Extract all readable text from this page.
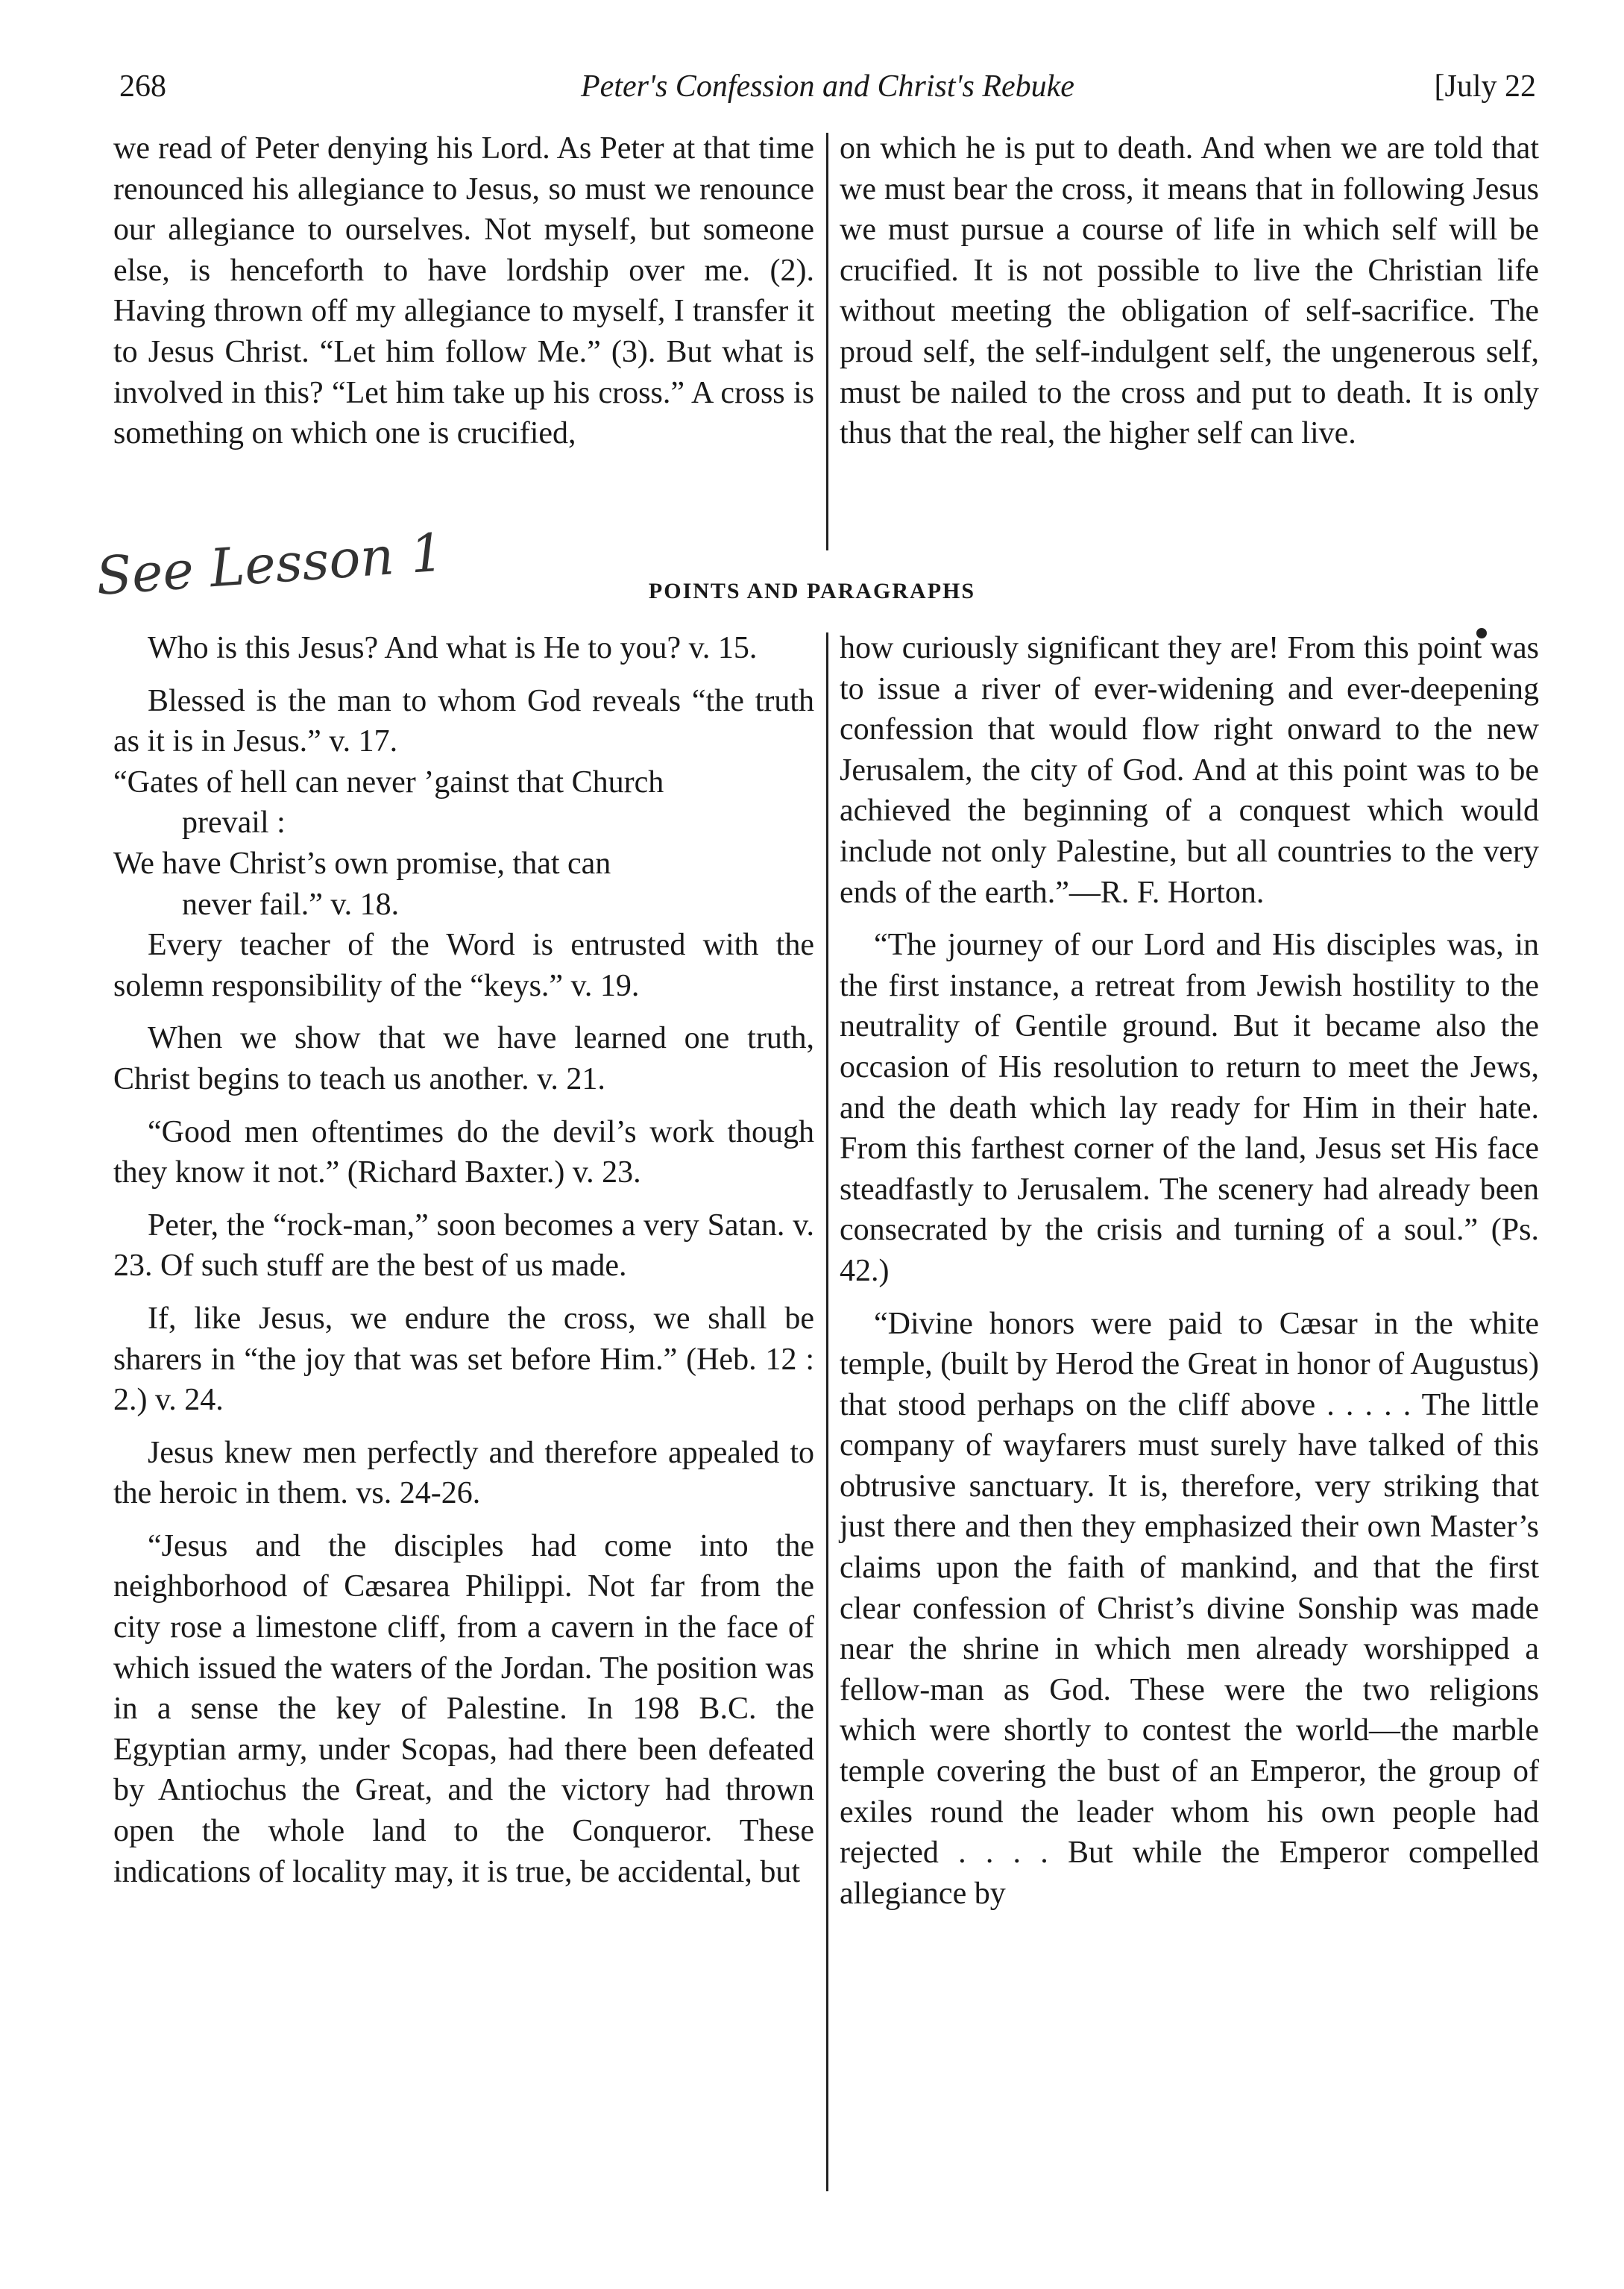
268	Peter's Confession and Christ's Rebuke	[July 22

we read of Peter denying his Lord. As Peter at that time renounced his allegiance to Jesus, so must we renounce our allegiance to ourselves. Not myself, but someone else, is henceforth to have lordship over me. (2). Having thrown off my allegiance to myself, I transfer it to Jesus Christ. “Let him follow Me.” (3). But what is involved in this? “Let him take up his cross.” A cross is something on which one is crucified,

on which he is put to death. And when we are told that we must bear the cross, it means that in following Jesus we must pursue a course of life in which self will be crucified. It is not possible to live the Christian life without meeting the obligation of self-sacrifice. The proud self, the self-indulgent self, the ungenerous self, must be nailed to the cross and put to death. It is only thus that the real, the higher self can live.

See Lesson 1	POINTS AND PARAGRAPHS

Who is this Jesus? And what is He to you? v. 15.

Blessed is the man to whom God reveals “the truth as it is in Jesus.” v. 17.

“Gates of hell can never ’gainst that Church

prevail :

We have Christ’s own promise, that can

never fail.” v. 18.

Every teacher of the Word is entrusted with the solemn responsibility of the “keys.” v. 19.

When we show that we have learned one truth, Christ begins to teach us another. v. 21.

“Good men oftentimes do the devil’s work though they know it not.” (Richard Baxter.) v. 23.

Peter, the “rock-man,” soon becomes a very Satan. v. 23. Of such stuff are the best of us made.

If, like Jesus, we endure the cross, we shall be sharers in “the joy that was set before Him.” (Heb. 12 : 2.) v. 24.

Jesus knew men perfectly and therefore appealed to the heroic in them. vs. 24-26.

“Jesus and the disciples had come into the neighborhood of Cæsarea Philippi. Not far from the city rose a limestone cliff, from a cavern in the face of which issued the waters of the Jordan. The position was in a sense the key of Palestine. In 198 B.C. the Egyptian army, under Scopas, had there been defeated by Antiochus the Great, and the victory had thrown open the whole land to the Conqueror. These indications of locality may, it is true, be accidental, but

how curiously significant they are! From this point was to issue a river of ever-widening and ever-deepening confession that would flow right onward to the new Jerusalem, the city of God. And at this point was to be achieved the beginning of a conquest which would include not only Palestine, but all countries to the very ends of the earth.”—R. F. Horton.

“The journey of our Lord and His disciples was, in the first instance, a retreat from Jewish hostility to the neutrality of Gentile ground. But it became also the occasion of His resolution to return to meet the Jews, and the death which lay ready for Him in their hate. From this farthest corner of the land, Jesus set His face steadfastly to Jerusalem. The scenery had already been consecrated by the crisis and turning of a soul.” (Ps. 42.)

“Divine honors were paid to Cæsar in the white temple, (built by Herod the Great in honor of Augustus) that stood perhaps on the cliff above . . . . . The little company of wayfarers must surely have talked of this obtrusive sanctuary. It is, therefore, very striking that just there and then they emphasized their own Master’s claims upon the faith of mankind, and that the first clear confession of Christ’s divine Sonship was made near the shrine in which men already worshipped a fellow-man as God. These were the two religions which were shortly to contest the world—the marble temple covering the bust of an Emperor, the group of exiles round the leader whom his own people had rejected . . . . But while the Emperor compelled allegiance by
